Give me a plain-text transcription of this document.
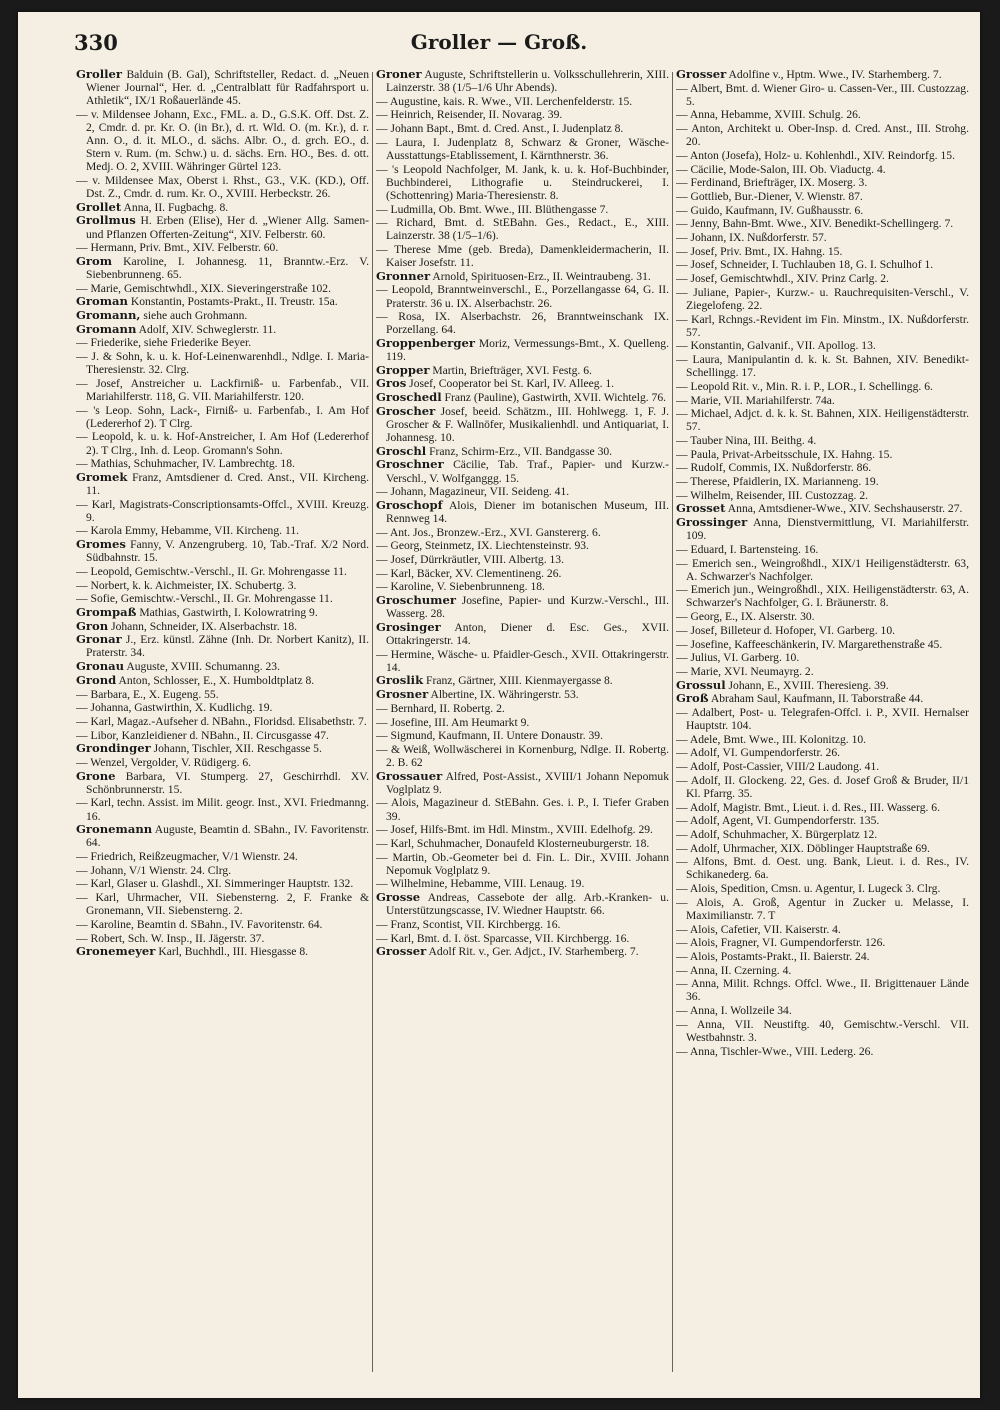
330	Groller — Groß.

Groller Balduin (B. Gal), Schriftsteller, Redact. d. „Neuen Wiener Journal“, Her. d. „Centralblatt für Radfahrsport u. Athletik“, IX/1 Roßauerlände 45.

— v. Mildensee Johann, Exc., FML. a. D., G.S.K. Off. Dst. Z. 2, Cmdr. d. pr. Kr. O. (in Br.), d. rt. Wld. O. (m. Kr.), d. r. Ann. O., d. it. MLO., d. sächs. Albr. O., d. grch. EO., d. Stern v. Rum. (m. Schw.) u. d. sächs. Ern. HO., Bes. d. ott. Medj. O. 2, XVIII. Währinger Gürtel 123.

— v. Mildensee Max, Oberst i. Rhst., G3., V.K. (KD.), Off. Dst. Z., Cmdr. d. rum. Kr. O., XVIII. Herbeckstr. 26.

Grollet Anna, II. Fugbachg. 8.

Grollmus H. Erben (Elise), Her d. „Wiener Allg. Samen- und Pflanzen Offerten-Zeitung“, XIV. Felberstr. 60.

— Hermann, Priv. Bmt., XIV. Felberstr. 60.

Grom Karoline, I. Johannesg. 11, Branntw.-Erz. V. Siebenbrunneng. 65.

— Marie, Gemischtwhdl., XIX. Sieveringerstraße 102.

Groman Konstantin, Postamts-Prakt., II. Treustr. 15a.

Gromann, siehe auch Grohmann.

Gromann Adolf, XIV. Schweglerstr. 11.

— Friederike, siehe Friederike Beyer.

— J. & Sohn, k. u. k. Hof-Leinenwarenhdl., Ndlge. I. Maria-Theresienstr. 32. Clrg.

— Josef, Anstreicher u. Lackfirniß- u. Farbenfab., VII. Mariahilferstr. 118, G. VII. Mariahilferstr. 120.

— 's Leop. Sohn, Lack-, Firniß- u. Farbenfab., I. Am Hof (Ledererhof 2). T Clrg.

— Leopold, k. u. k. Hof-Anstreicher, I. Am Hof (Ledererhof 2). T Clrg., Inh. d. Leop. Gromann's Sohn.

— Mathias, Schuhmacher, IV. Lambrechtg. 18.

Gromek Franz, Amtsdiener d. Cred. Anst., VII. Kircheng. 11.

— Karl, Magistrats-Conscriptionsamts-Offcl., XVIII. Kreuzg. 9.

— Karola Emmy, Hebamme, VII. Kircheng. 11.

Gromes Fanny, V. Anzengruberg. 10, Tab.-Traf. X/2 Nord. Südbahnstr. 15.

— Leopold, Gemischtw.-Verschl., II. Gr. Mohrengasse 11.

— Norbert, k. k. Aichmeister, IX. Schubertg. 3.

— Sofie, Gemischtw.-Verschl., II. Gr. Mohrengasse 11.

Grompaß Mathias, Gastwirth, I. Kolowratring 9.

Gron Johann, Schneider, IX. Alserbachstr. 18.

Gronar J., Erz. künstl. Zähne (Inh. Dr. Norbert Kanitz), II. Praterstr. 34.

Gronau Auguste, XVIII. Schumanng. 23.

Grond Anton, Schlosser, E., X. Humboldtplatz 8.

— Barbara, E., X. Eugeng. 55.

— Johanna, Gastwirthin, X. Kudlichg. 19.

— Karl, Magaz.-Aufseher d. NBahn., Floridsd. Elisabethstr. 7.

— Libor, Kanzleidiener d. NBahn., II. Circusgasse 47.

Grondinger Johann, Tischler, XII. Reschgasse 5.

— Wenzel, Vergolder, V. Rüdigerg. 6.

Grone Barbara, VI. Stumperg. 27, Geschirrhdl. XV. Schönbrunnerstr. 15.

— Karl, techn. Assist. im Milit. geogr. Inst., XVI. Friedmanng. 16.

Gronemann Auguste, Beamtin d. SBahn., IV. Favoritenstr. 64.

— Friedrich, Reißzeugmacher, V/1 Wienstr. 24.

— Johann, V/1 Wienstr. 24. Clrg.

— Karl, Glaser u. Glashdl., XI. Simmeringer Hauptstr. 132.

— Karl, Uhrmacher, VII. Siebensterng. 2, F. Franke & Gronemann, VII. Siebensterng. 2.

— Karoline, Beamtin d. SBahn., IV. Favoritenstr. 64.

— Robert, Sch. W. Insp., II. Jägerstr. 37.

Gronemeyer Karl, Buchhdl., III. Hiesgasse 8.

Groner Auguste, Schriftstellerin u. Volksschullehrerin, XIII. Lainzerstr. 38 (1/5–1/6 Uhr Abends).

— Augustine, kais. R. Wwe., VII. Lerchenfelderstr. 15.

— Heinrich, Reisender, II. Novarag. 39.

— Johann Bapt., Bmt. d. Cred. Anst., I. Judenplatz 8.

— Laura, I. Judenplatz 8, Schwarz & Groner, Wäsche-Ausstattungs-Etablissement, I. Kärnthnerstr. 36.

— 's Leopold Nachfolger, M. Jank, k. u. k. Hof-Buchbinder, Buchbinderei, Lithografie u. Steindruckerei, I. (Schottenring) Maria-Theresienstr. 8.

— Ludmilla, Ob. Bmt. Wwe., III. Blüthengasse 7.

— Richard, Bmt. d. StEBahn. Ges., Redact., E., XIII. Lainzerstr. 38 (1/5–1/6).

— Therese Mme (geb. Breda), Damenkleidermacherin, II. Kaiser Josefstr. 11.

Gronner Arnold, Spirituosen-Erz., II. Weintraubeng. 31.

— Leopold, Branntweinverschl., E., Porzellangasse 64, G. II. Praterstr. 36 u. IX. Alserbachstr. 26.

— Rosa, IX. Alserbachstr. 26, Branntweinschank IX. Porzellang. 64.

Groppenberger Moriz, Vermessungs-Bmt., X. Quelleng. 119.

Gropper Martin, Briefträger, XVI. Festg. 6.

Gros Josef, Cooperator bei St. Karl, IV. Alleeg. 1.

Groschedl Franz (Pauline), Gastwirth, XVII. Wichtelg. 76.

Groscher Josef, beeid. Schätzm., III. Hohlwegg. 1, F. J. Groscher & F. Wallnöfer, Musikalienhdl. und Antiquariat, I. Johannesg. 10.

Groschl Franz, Schirm-Erz., VII. Bandgasse 30.

Groschner Cäcilie, Tab. Traf., Papier- und Kurzw.-Verschl., V. Wolfganggg. 15.

— Johann, Magazineur, VII. Seideng. 41.

Groschopf Alois, Diener im botanischen Museum, III. Rennweg 14.

— Ant. Jos., Bronzew.-Erz., XVI. Ganstererg. 6.

— Georg, Steinmetz, IX. Liechtensteinstr. 93.

— Josef, Dürrkräutler, VIII. Albertg. 13.

— Karl, Bäcker, XV. Clementineng. 26.

— Karoline, V. Siebenbrunneng. 18.

Groschumer Josefine, Papier- und Kurzw.-Verschl., III. Wasserg. 28.

Grosinger Anton, Diener d. Esc. Ges., XVII. Ottakringerstr. 14.

— Hermine, Wäsche- u. Pfaidler-Gesch., XVII. Ottakringerstr. 14.

Groslik Franz, Gärtner, XIII. Kienmayergasse 8.

Grosner Albertine, IX. Währingerstr. 53.

— Bernhard, II. Robertg. 2.

— Josefine, III. Am Heumarkt 9.

— Sigmund, Kaufmann, II. Untere Donaustr. 39.

— & Weiß, Wollwäscherei in Kornenburg, Ndlge. II. Robertg. 2. B. 62

Grossauer Alfred, Post-Assist., XVIII/1 Johann Nepomuk Voglplatz 9.

— Alois, Magazineur d. StEBahn. Ges. i. P., I. Tiefer Graben 39.

— Josef, Hilfs-Bmt. im Hdl. Minstm., XVIII. Edelhofg. 29.

— Karl, Schuhmacher, Donaufeld Klosterneuburgerstr. 18.

— Martin, Ob.-Geometer bei d. Fin. L. Dir., XVIII. Johann Nepomuk Voglplatz 9.

— Wilhelmine, Hebamme, VIII. Lenaug. 19.

Grosse Andreas, Cassebote der allg. Arb.-Kranken- u. Unterstützungscasse, IV. Wiedner Hauptstr. 66.

— Franz, Scontist, VII. Kirchbergg. 16.

— Karl, Bmt. d. I. öst. Sparcasse, VII. Kirchbergg. 16.

Grosser Adolf Rit. v., Ger. Adjct., IV. Starhemberg. 7.

Grosser Adolfine v., Hptm. Wwe., IV. Starhemberg. 7.

— Albert, Bmt. d. Wiener Giro- u. Cassen-Ver., III. Custozzag. 5.

— Anna, Hebamme, XVIII. Schulg. 26.

— Anton, Architekt u. Ober-Insp. d. Cred. Anst., III. Strohg. 20.

— Anton (Josefa), Holz- u. Kohlenhdl., XIV. Reindorfg. 15.

— Cäcilie, Mode-Salon, III. Ob. Viaductg. 4.

— Ferdinand, Briefträger, IX. Moserg. 3.

— Gottlieb, Bur.-Diener, V. Wienstr. 87.

— Guido, Kaufmann, IV. Gußhausstr. 6.

— Jenny, Bahn-Bmt. Wwe., XIV. Benedikt-Schellingerg. 7.

— Johann, IX. Nußdorferstr. 57.

— Josef, Priv. Bmt., IX. Hahng. 15.

— Josef, Schneider, I. Tuchlauben 18, G. I. Schulhof 1.

— Josef, Gemischtwhdl., XIV. Prinz Carlg. 2.

— Juliane, Papier-, Kurzw.- u. Rauchrequisiten-Verschl., V. Ziegelofeng. 22.

— Karl, Rchngs.-Revident im Fin. Minstm., IX. Nußdorferstr. 57.

— Konstantin, Galvanif., VII. Apollog. 13.

— Laura, Manipulantin d. k. k. St. Bahnen, XIV. Benedikt-Schellingg. 17.

— Leopold Rit. v., Min. R. i. P., LOR., I. Schellingg. 6.

— Marie, VII. Mariahilferstr. 74a.

— Michael, Adjct. d. k. k. St. Bahnen, XIX. Heiligenstädterstr. 57.

— Tauber Nina, III. Beithg. 4.

— Paula, Privat-Arbeitsschule, IX. Hahng. 15.

— Rudolf, Commis, IX. Nußdorferstr. 86.

— Therese, Pfaidlerin, IX. Marianneng. 19.

— Wilhelm, Reisender, III. Custozzag. 2.

Grosset Anna, Amtsdiener-Wwe., XIV. Sechshauserstr. 27.

Grossinger Anna, Dienstvermittlung, VI. Mariahilferstr. 109.

— Eduard, I. Bartensteing. 16.

— Emerich sen., Weingroßhdl., XIX/1 Heiligenstädterstr. 63, A. Schwarzer's Nachfolger.

— Emerich jun., Weingroßhdl., XIX. Heiligenstädterstr. 63, A. Schwarzer's Nachfolger, G. I. Bräunerstr. 8.

— Georg, E., IX. Alserstr. 30.

— Josef, Billeteur d. Hofoper, VI. Garberg. 10.

— Josefine, Kaffeeschänkerin, IV. Margarethenstraße 45.

— Julius, VI. Garberg. 10.

— Marie, XVI. Neumayrg. 2.

Grossul Johann, E., XVIII. Theresieng. 39.

Groß Abraham Saul, Kaufmann, II. Taborstraße 44.

— Adalbert, Post- u. Telegrafen-Offcl. i. P., XVII. Hernalser Hauptstr. 104.

— Adele, Bmt. Wwe., III. Kolonitzg. 10.

— Adolf, VI. Gumpendorferstr. 26.

— Adolf, Post-Cassier, VIII/2 Laudong. 41.

— Adolf, II. Glockeng. 22, Ges. d. Josef Groß & Bruder, II/1 Kl. Pfarrg. 35.

— Adolf, Magistr. Bmt., Lieut. i. d. Res., III. Wasserg. 6.

— Adolf, Agent, VI. Gumpendorferstr. 135.

— Adolf, Schuhmacher, X. Bürgerplatz 12.

— Adolf, Uhrmacher, XIX. Döblinger Hauptstraße 69.

— Alfons, Bmt. d. Oest. ung. Bank, Lieut. i. d. Res., IV. Schikanederg. 6a.

— Alois, Spedition, Cmsn. u. Agentur, I. Lugeck 3. Clrg.

— Alois, A. Groß, Agentur in Zucker u. Melasse, I. Maximilianstr. 7. T

— Alois, Cafetier, VII. Kaiserstr. 4.

— Alois, Fragner, VI. Gumpendorferstr. 126.

— Alois, Postamts-Prakt., II. Baierstr. 24.

— Anna, II. Czerning. 4.

— Anna, Milit. Rchngs. Offcl. Wwe., II. Brigittenauer Lände 36.

— Anna, I. Wollzeile 34.

— Anna, VII. Neustiftg. 40, Gemischtw.-Verschl. VII. Westbahnstr. 3.

— Anna, Tischler-Wwe., VIII. Lederg. 26.
